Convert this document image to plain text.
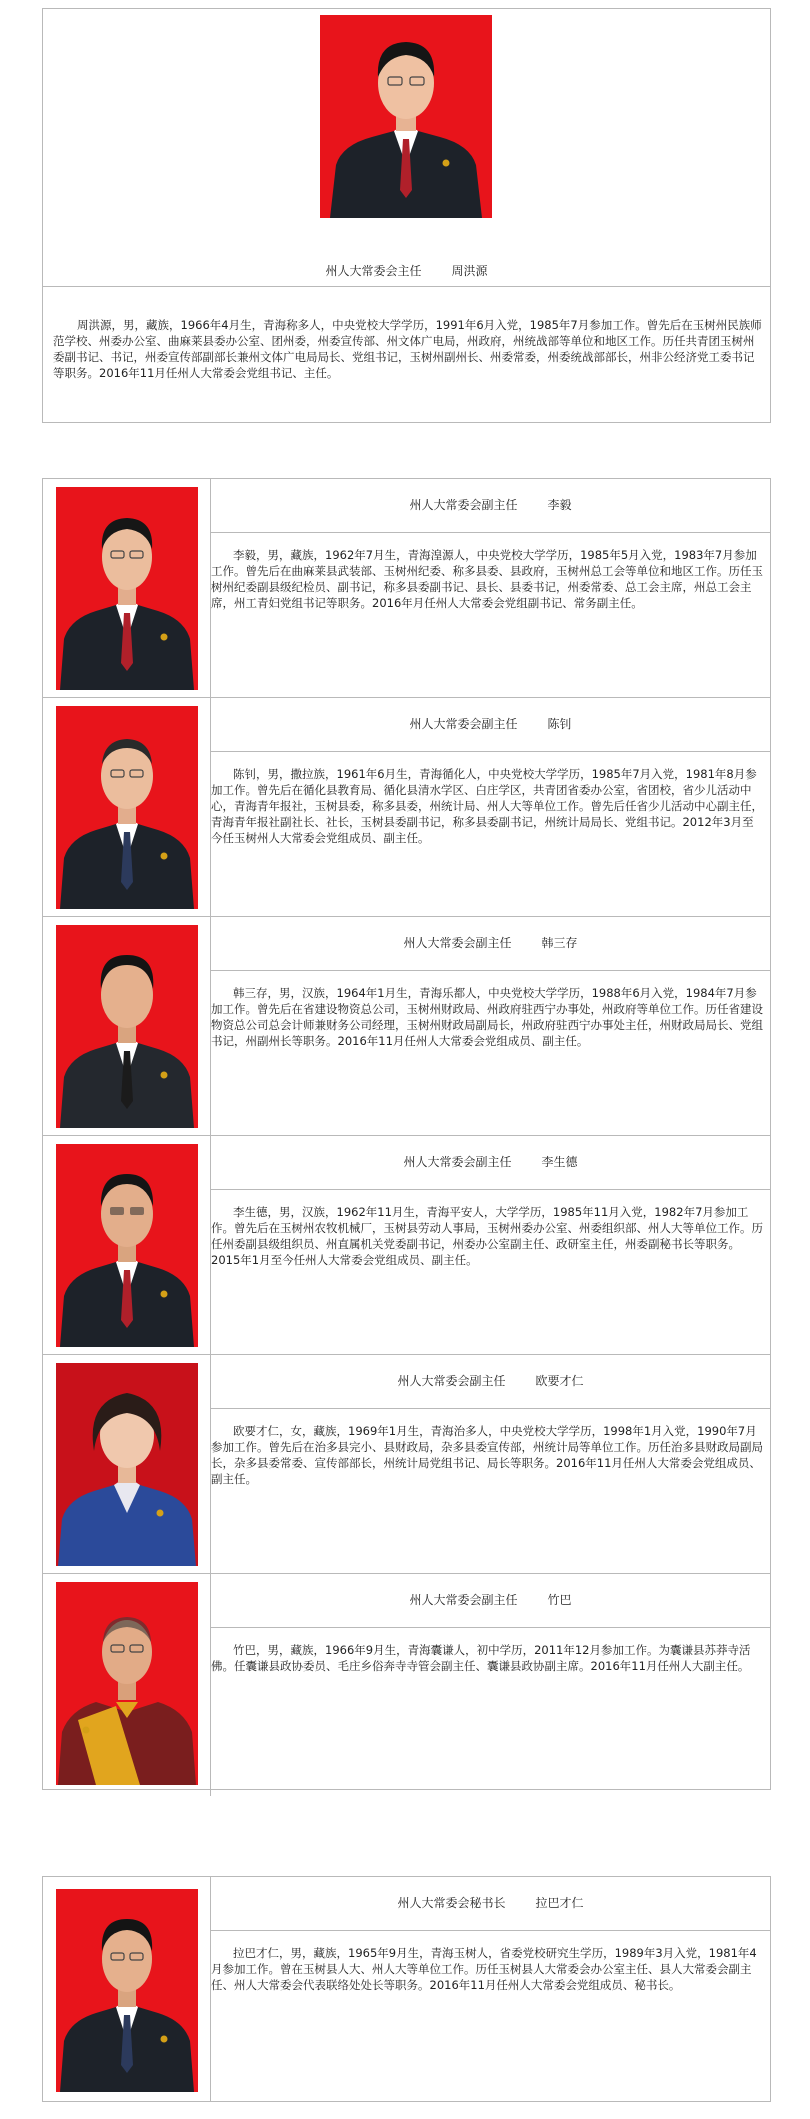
州人大常委会主任	周洪源
周洪源，男，藏族，1966年4月生，青海称多人，中央党校大学学历，1991年6月入党，1985年7月参加工作。曾先后在玉树州民族师范学校、州委办公室、曲麻莱县委办公室、团州委，州委宣传部、州文体广电局，州政府，州统战部等单位和地区工作。历任共青团玉树州委副书记、书记，州委宣传部副部长兼州文体广电局局长、党组书记，玉树州副州长、州委常委，州委统战部部长，州非公经济党工委书记等职务。2016年11月任州人大常委会党组书记、主任。
州人大常委会副主任	李毅
李毅，男，藏族，1962年7月生，青海湟源人，中央党校大学学历，1985年5月入党，1983年7月参加工作。曾先后在曲麻莱县武装部、玉树州纪委、称多县委、县政府，玉树州总工会等单位和地区工作。历任玉树州纪委副县级纪检员、副书记，称多县委副书记、县长、县委书记，州委常委、总工会主席，州总工会主席，州工青妇党组书记等职务。2016年月任州人大常委会党组副书记、常务副主任。
州人大常委会副主任	陈钊
陈钊，男，撒拉族，1961年6月生，青海循化人，中央党校大学学历，1985年7月入党，1981年8月参加工作。曾先后在循化县教育局、循化县清水学区、白庄学区，共青团省委办公室，省团校，省少儿活动中心，青海青年报社，玉树县委，称多县委，州统计局、州人大等单位工作。曾先后任省少儿活动中心副主任，青海青年报社副社长、社长，玉树县委副书记，称多县委副书记，州统计局局长、党组书记。2012年3月至今任玉树州人大常委会党组成员、副主任。
州人大常委会副主任	韩三存
韩三存，男，汉族，1964年1月生，青海乐都人，中央党校大学学历，1988年6月入党，1984年7月参加工作。曾先后在省建设物资总公司，玉树州财政局、州政府驻西宁办事处，州政府等单位工作。历任省建设物资总公司总会计师兼财务公司经理，玉树州财政局副局长，州政府驻西宁办事处主任，州财政局局长、党组书记，州副州长等职务。2016年11月任州人大常委会党组成员、副主任。
州人大常委会副主任	李生德
李生德，男，汉族，1962年11月生，青海平安人，大学学历，1985年11月入党，1982年7月参加工作。曾先后在玉树州农牧机械厂，玉树县劳动人事局，玉树州委办公室、州委组织部、州人大等单位工作。历任州委副县级组织员、州直属机关党委副书记，州委办公室副主任、政研室主任，州委副秘书长等职务。2015年1月至今任州人大常委会党组成员、副主任。
州人大常委会副主任	欧要才仁
欧要才仁，女，藏族，1969年1月生，青海治多人，中央党校大学学历，1998年1月入党，1990年7月参加工作。曾先后在治多县完小、县财政局，杂多县委宣传部，州统计局等单位工作。历任治多县财政局副局长，杂多县委常委、宣传部部长，州统计局党组书记、局长等职务。2016年11月任州人大常委会党组成员、副主任。
州人大常委会副主任	竹巴
竹巴，男，藏族，1966年9月生，青海囊谦人，初中学历，2011年12月参加工作。为囊谦县苏莽寺活佛。任囊谦县政协委员、毛庄乡俗奔寺寺管会副主任、囊谦县政协副主席。2016年11月任州人大副主任。
州人大常委会秘书长	拉巴才仁
拉巴才仁，男，藏族，1965年9月生，青海玉树人，省委党校研究生学历，1989年3月入党，1981年4月参加工作。曾在玉树县人大、州人大等单位工作。历任玉树县人大常委会办公室主任、县人大常委会副主任、州人大常委会代表联络处处长等职务。2016年11月任州人大常委会党组成员、秘书长。
